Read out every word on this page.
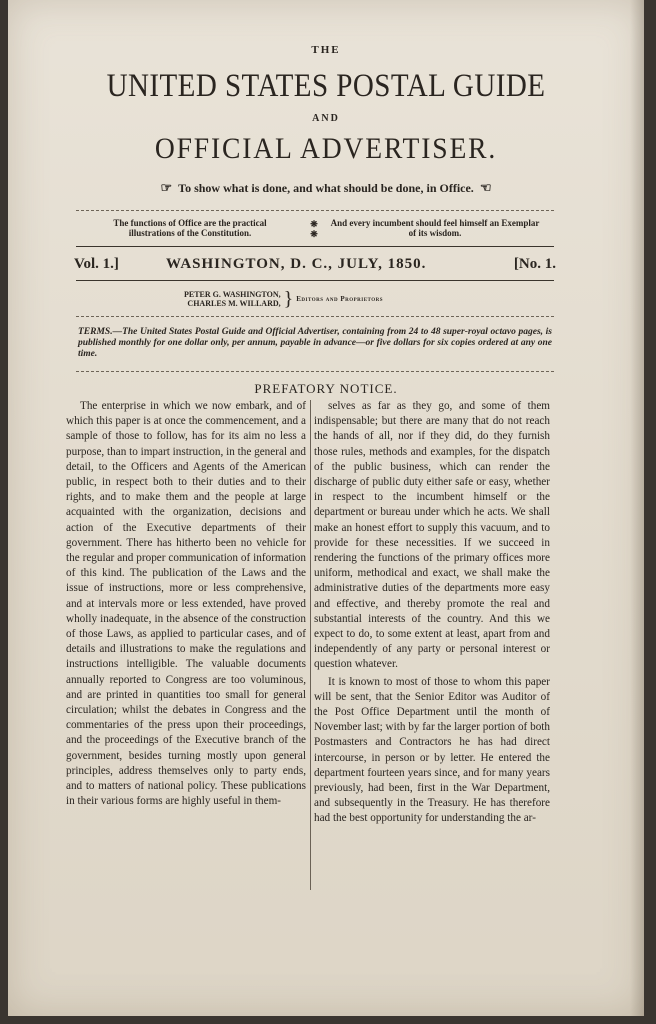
THE
UNITED STATES POSTAL GUIDE
AND
OFFICIAL ADVERTISER.
☞ To show what is done, and what should be done, in Office. ☜
The functions of Office are the practical illustrations of the Constitution.
❋
❋
And every incumbent should feel himself an Exemplar of its wisdom.
Vol. 1.]	WASHINGTON, D. C., JULY, 1850.	[No. 1.
PETER G. WASHINGTON,
CHARLES M. WILLARD, } Editors and Proprietors
TERMS.—The United States Postal Guide and Official Advertiser, containing from 24 to 48 super-royal octavo pages, is published monthly for one dollar only, per annum, payable in advance—or five dollars for six copies ordered at any one time.
PREFATORY NOTICE.

The enterprise in which we now embark, and of which this paper is at once the commencement, and a sample of those to follow, has for its aim no less a purpose, than to impart instruction, in the general and detail, to the Officers and Agents of the American public, in respect both to their duties and to their rights, and to make them and the people at large acquainted with the organization, decisions and action of the Executive departments of their government. There has hitherto been no vehicle for the regular and proper communication of information of this kind. The publication of the Laws and the issue of instructions, more or less comprehensive, and at intervals more or less extended, have proved wholly inadequate, in the absence of the construction of those Laws, as applied to particular cases, and of details and illustrations to make the regulations and instructions intelligible. The valuable documents annually reported to Congress are too voluminous, and are printed in quantities too small for general circulation; whilst the debates in Congress and the commentaries of the press upon their proceedings, and the proceedings of the Executive branch of the government, besides turning mostly upon general principles, address themselves only to party ends, and to matters of national policy. These publications in their various forms are highly useful in them-

selves as far as they go, and some of them indispensable; but there are many that do not reach the hands of all, nor if they did, do they furnish those rules, methods and examples, for the dispatch of the public business, which can render the discharge of public duty either safe or easy, whether in respect to the incumbent himself or the department or bureau under which he acts. We shall make an honest effort to supply this vacuum, and to provide for these necessities. If we succeed in rendering the functions of the primary offices more uniform, methodical and exact, we shall make the administrative duties of the departments more easy and effective, and thereby promote the real and substantial interests of the country. And this we expect to do, to some extent at least, apart from and independently of any party or personal interest or question whatever.

It is known to most of those to whom this paper will be sent, that the Senior Editor was Auditor of the Post Office Department until the month of November last; with by far the larger portion of both Postmasters and Contractors he has had direct intercourse, in person or by letter. He entered the department fourteen years since, and for many years previously, had been, first in the War Department, and subsequently in the Treasury. He has therefore had the best opportunity for understanding the ar-
